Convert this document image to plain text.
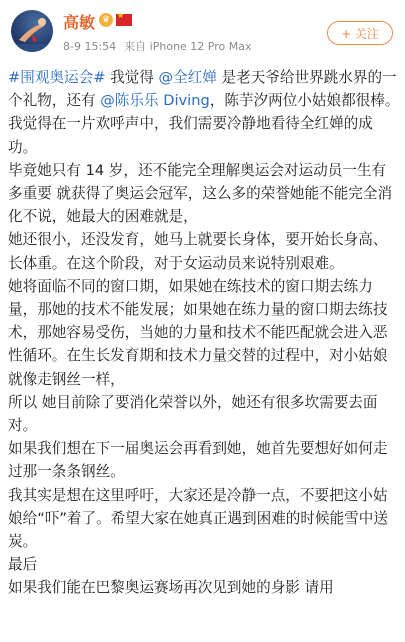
高敏 ♛
★
8-9 15:54 来自 iPhone 12 Pro Max
+ 关注

#围观奥运会# 我觉得 @全红婵 是老天爷给世界跳水界的一个礼物，还有 @陈乐乐 Diving，陈芋汐两位小姑娘都很棒。

我觉得在一片欢呼声中，我们需要冷静地看待全红婵的成功。

毕竟她只有 14 岁，还不能完全理解奥运会对运动员一生有多重要 就获得了奥运会冠军，这么多的荣誉她能不能完全消化不说，她最大的困难就是，

她还很小，还没发育，她马上就要长身体，要开始长身高、长体重。在这个阶段，对于女运动员来说特别艰难。

她将面临不同的窗口期，如果她在练技术的窗口期去练力量，那她的技术不能发展；如果她在练力量的窗口期去练技术，那她容易受伤，当她的力量和技术不能匹配就会进入恶性循环。在生长发育期和技术力量交替的过程中，对小姑娘就像走钢丝一样，

所以 她目前除了要消化荣誉以外，她还有很多坎需要去面对。

如果我们想在下一届奥运会再看到她，她首先要想好如何走过那一条条钢丝。

我其实是想在这里呼吁，大家还是冷静一点，不要把这小姑娘给“吓”着了。希望大家在她真正遇到困难的时候能雪中送炭。

最后

如果我们能在巴黎奥运赛场再次见到她的身影 请用
